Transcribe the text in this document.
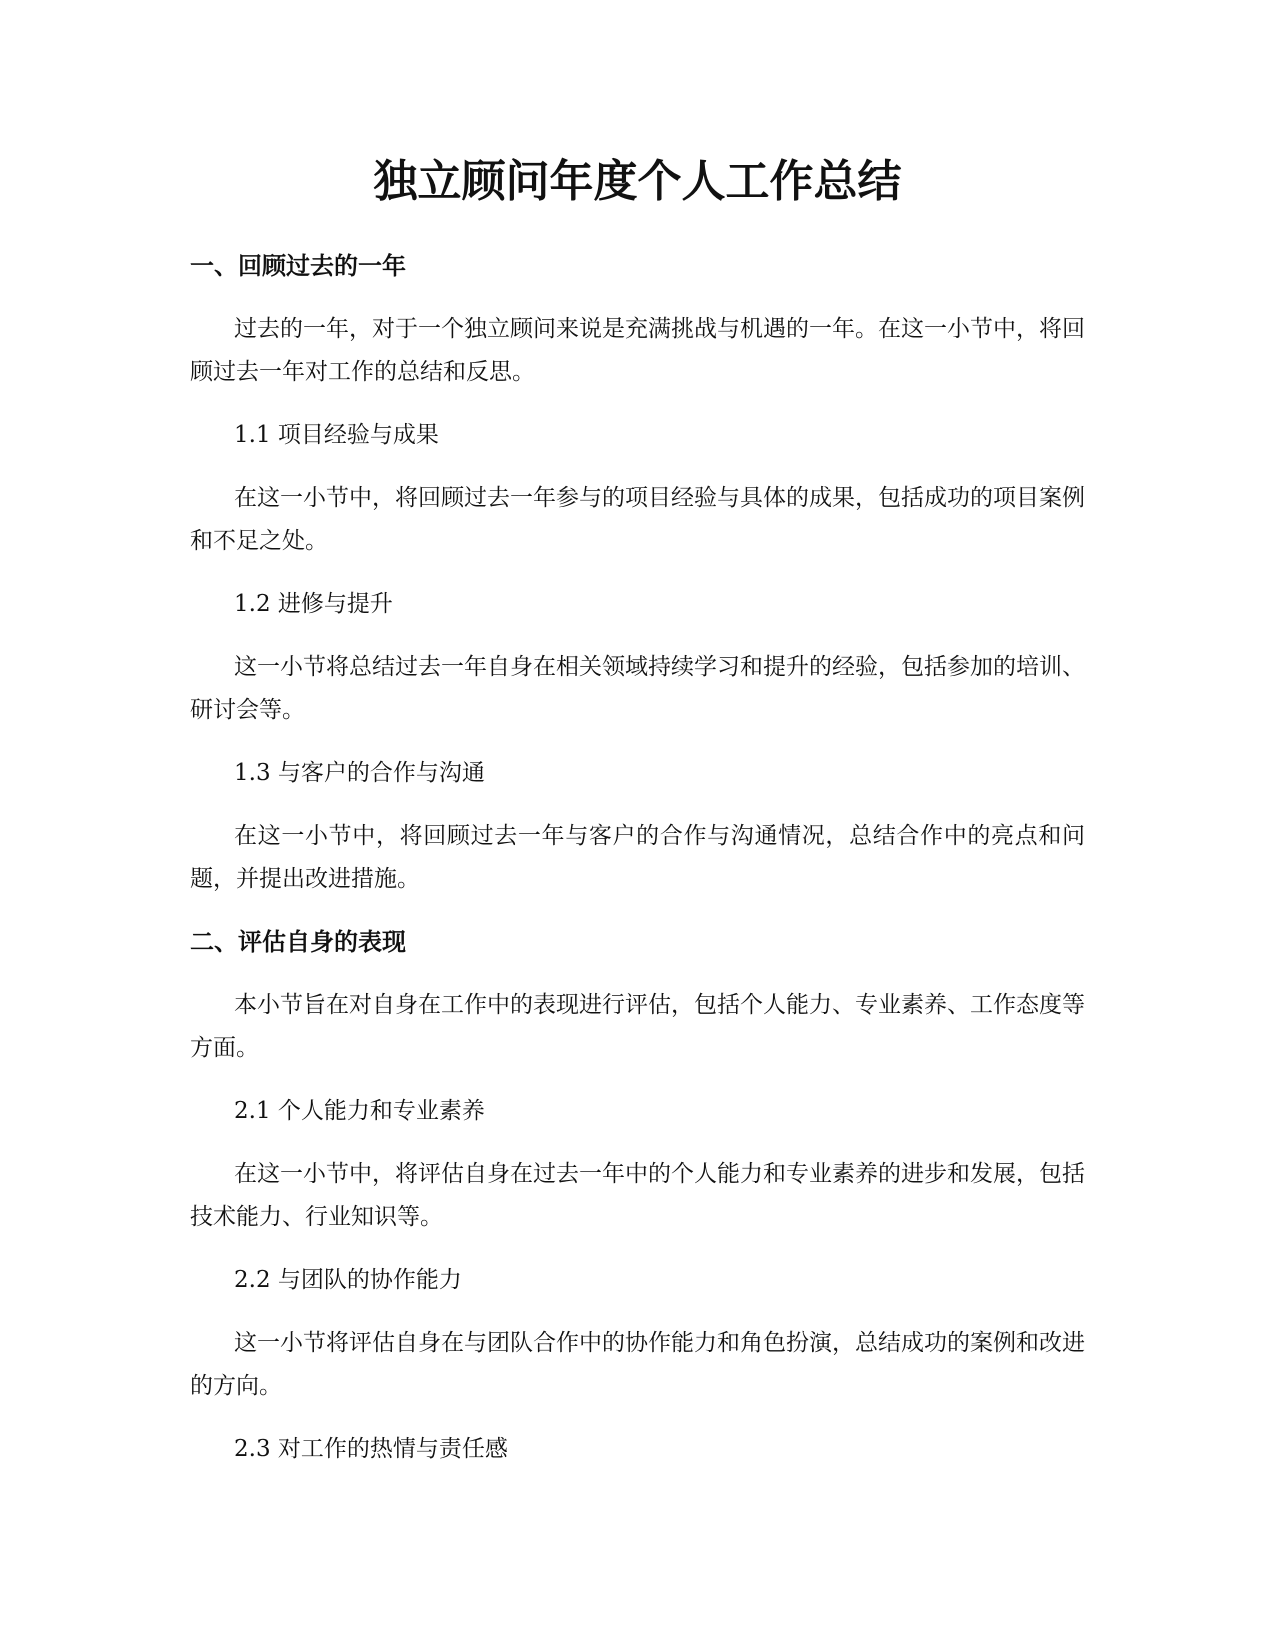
独立顾问年度个人工作总结
一、回顾过去的一年

过去的一年，对于一个独立顾问来说是充满挑战与机遇的一年。在这一小节中，将回顾过去一年对工作的总结和反思。

1.1 项目经验与成果

在这一小节中，将回顾过去一年参与的项目经验与具体的成果，包括成功的项目案例和不足之处。

1.2 进修与提升

这一小节将总结过去一年自身在相关领域持续学习和提升的经验，包括参加的培训、研讨会等。

1.3 与客户的合作与沟通

在这一小节中，将回顾过去一年与客户的合作与沟通情况，总结合作中的亮点和问题，并提出改进措施。

二、评估自身的表现

本小节旨在对自身在工作中的表现进行评估，包括个人能力、专业素养、工作态度等方面。

2.1 个人能力和专业素养

在这一小节中，将评估自身在过去一年中的个人能力和专业素养的进步和发展，包括技术能力、行业知识等。

2.2 与团队的协作能力

这一小节将评估自身在与团队合作中的协作能力和角色扮演，总结成功的案例和改进的方向。

2.3 对工作的热情与责任感
